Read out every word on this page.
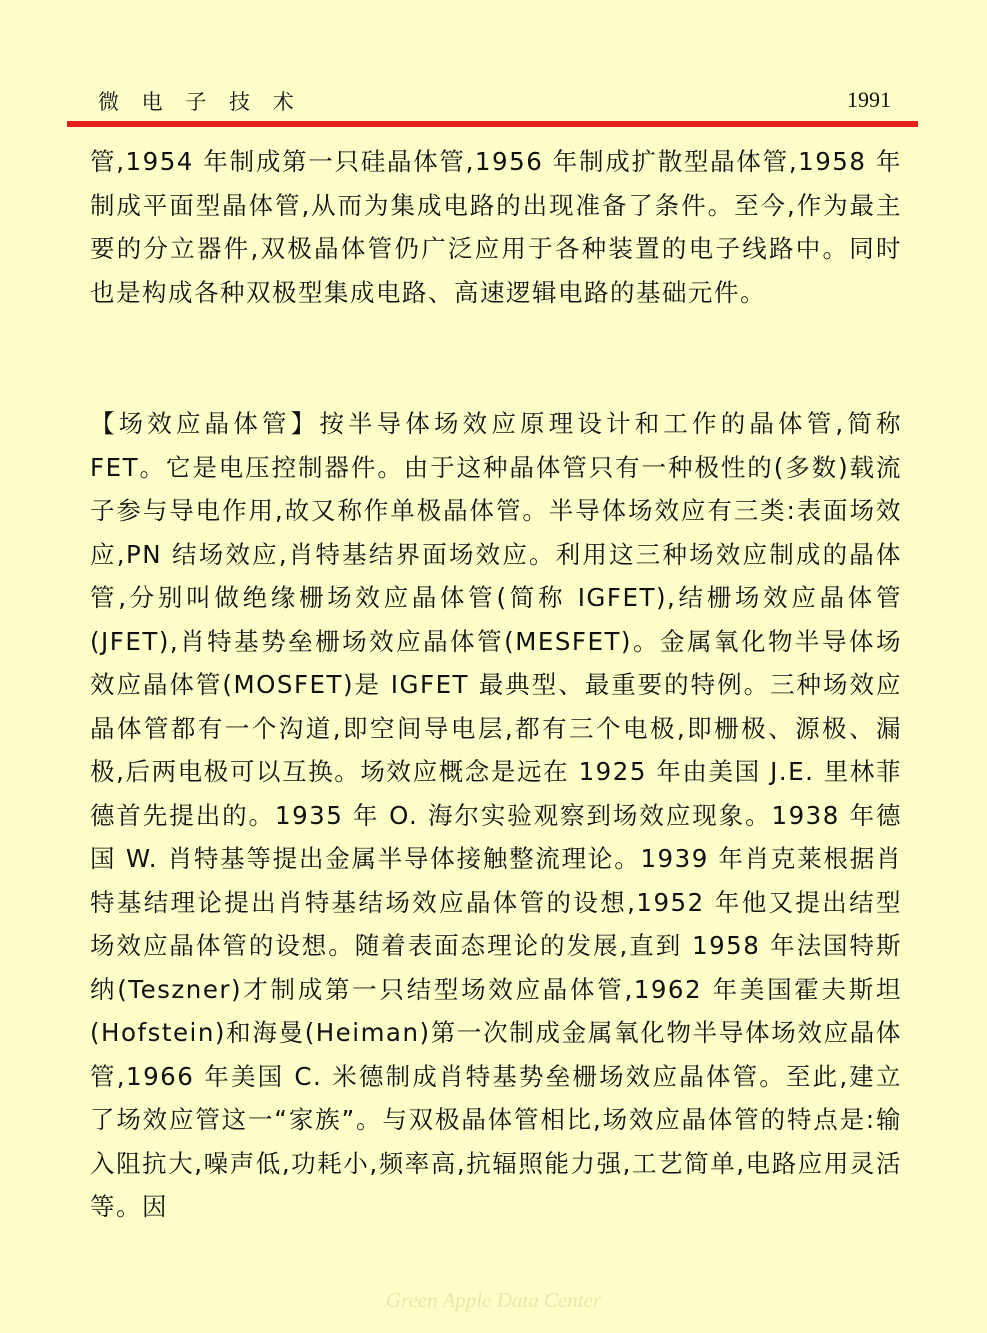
微 电 子 技 术	1991
管,1954 年制成第一只硅晶体管,1956 年制成扩散型晶体管,1958 年制成平面型晶体管,从而为集成电路的出现准备了条件。至今,作为最主要的分立器件,双极晶体管仍广泛应用于各种装置的电子线路中。同时也是构成各种双极型集成电路、高速逻辑电路的基础元件。
【场效应晶体管】按半导体场效应原理设计和工作的晶体管,简称 FET。它是电压控制器件。由于这种晶体管只有一种极性的(多数)载流子参与导电作用,故又称作单极晶体管。半导体场效应有三类:表面场效应,PN 结场效应,肖特基结界面场效应。利用这三种场效应制成的晶体管,分别叫做绝缘栅场效应晶体管(简称 IGFET),结栅场效应晶体管(JFET),肖特基势垒栅场效应晶体管(MESFET)。金属氧化物半导体场效应晶体管(MOSFET)是 IGFET 最典型、最重要的特例。三种场效应晶体管都有一个沟道,即空间导电层,都有三个电极,即栅极、源极、漏极,后两电极可以互换。场效应概念是远在 1925 年由美国 J.E. 里林菲德首先提出的。1935 年 O. 海尔实验观察到场效应现象。1938 年德国 W. 肖特基等提出金属半导体接触整流理论。1939 年肖克莱根据肖特基结理论提出肖特基结场效应晶体管的设想,1952 年他又提出结型场效应晶体管的设想。随着表面态理论的发展,直到 1958 年法国特斯纳(Teszner)才制成第一只结型场效应晶体管,1962 年美国霍夫斯坦(Hofstein)和海曼(Heiman)第一次制成金属氧化物半导体场效应晶体管,1966 年美国 C. 米德制成肖特基势垒栅场效应晶体管。至此,建立了场效应管这一“家族”。与双极晶体管相比,场效应晶体管的特点是:输入阻抗大,噪声低,功耗小,频率高,抗辐照能力强,工艺简单,电路应用灵活等。因
Green Apple Data Center
